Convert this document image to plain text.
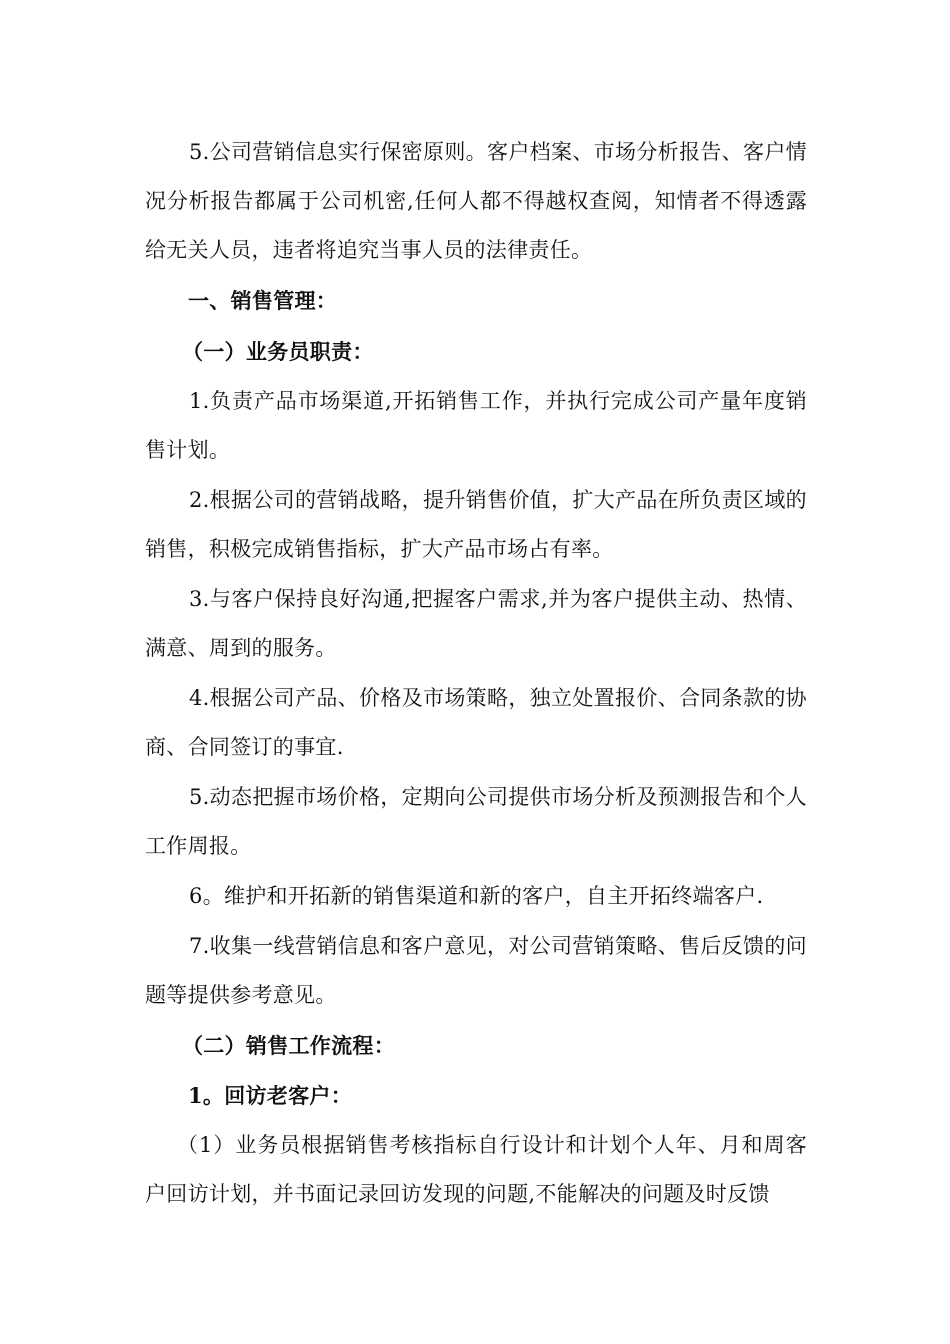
5.公司营销信息实行保密原则。客户档案、市场分析报告、客户情况分析报告都属于公司机密,任何人都不得越权查阅，知情者不得透露给无关人员，违者将追究当事人员的法律责任。

一、销售管理：

（一）业务员职责：

1.负责产品市场渠道,开拓销售工作，并执行完成公司产量年度销售计划。

2.根据公司的营销战略，提升销售价值，扩大产品在所负责区域的销售，积极完成销售指标，扩大产品市场占有率。

3.与客户保持良好沟通,把握客户需求,并为客户提供主动、热情、满意、周到的服务。

4.根据公司产品、价格及市场策略，独立处置报价、合同条款的协商、合同签订的事宜.

5.动态把握市场价格，定期向公司提供市场分析及预测报告和个人工作周报。

6。维护和开拓新的销售渠道和新的客户，自主开拓终端客户.

7.收集一线营销信息和客户意见，对公司营销策略、售后反馈的问题等提供参考意见。

（二）销售工作流程：

1。回访老客户：

（1）业务员根据销售考核指标自行设计和计划个人年、月和周客户回访计划，并书面记录回访发现的问题,不能解决的问题及时反馈
